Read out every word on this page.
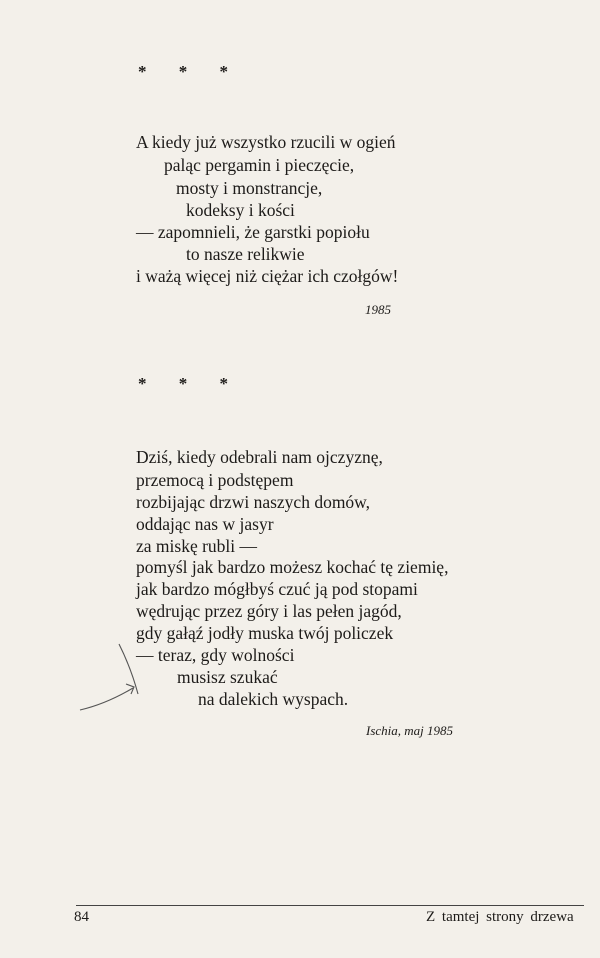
* * *
A kiedy już wszystko rzucili w ogień
paląc pergamin i pieczęcie,
mosty i monstrancje,
kodeksy i kości
— zapomnieli, że garstki popiołu
to nasze relikwie
i ważą więcej niż ciężar ich czołgów!
1985
* * *
Dziś, kiedy odebrali nam ojczyznę,
przemocą i podstępem
rozbijając drzwi naszych domów,
oddając nas w jasyr
za miskę rubli —
pomyśl jak bardzo możesz kochać tę ziemię,
jak bardzo mógłbyś czuć ją pod stopami
wędrując przez góry i las pełen jagód,
gdy gałąź jodły muska twój policzek
— teraz, gdy wolności
musisz szukać
na dalekich wyspach.
Ischia, maj 1985
84	Z tamtej strony drzewa
